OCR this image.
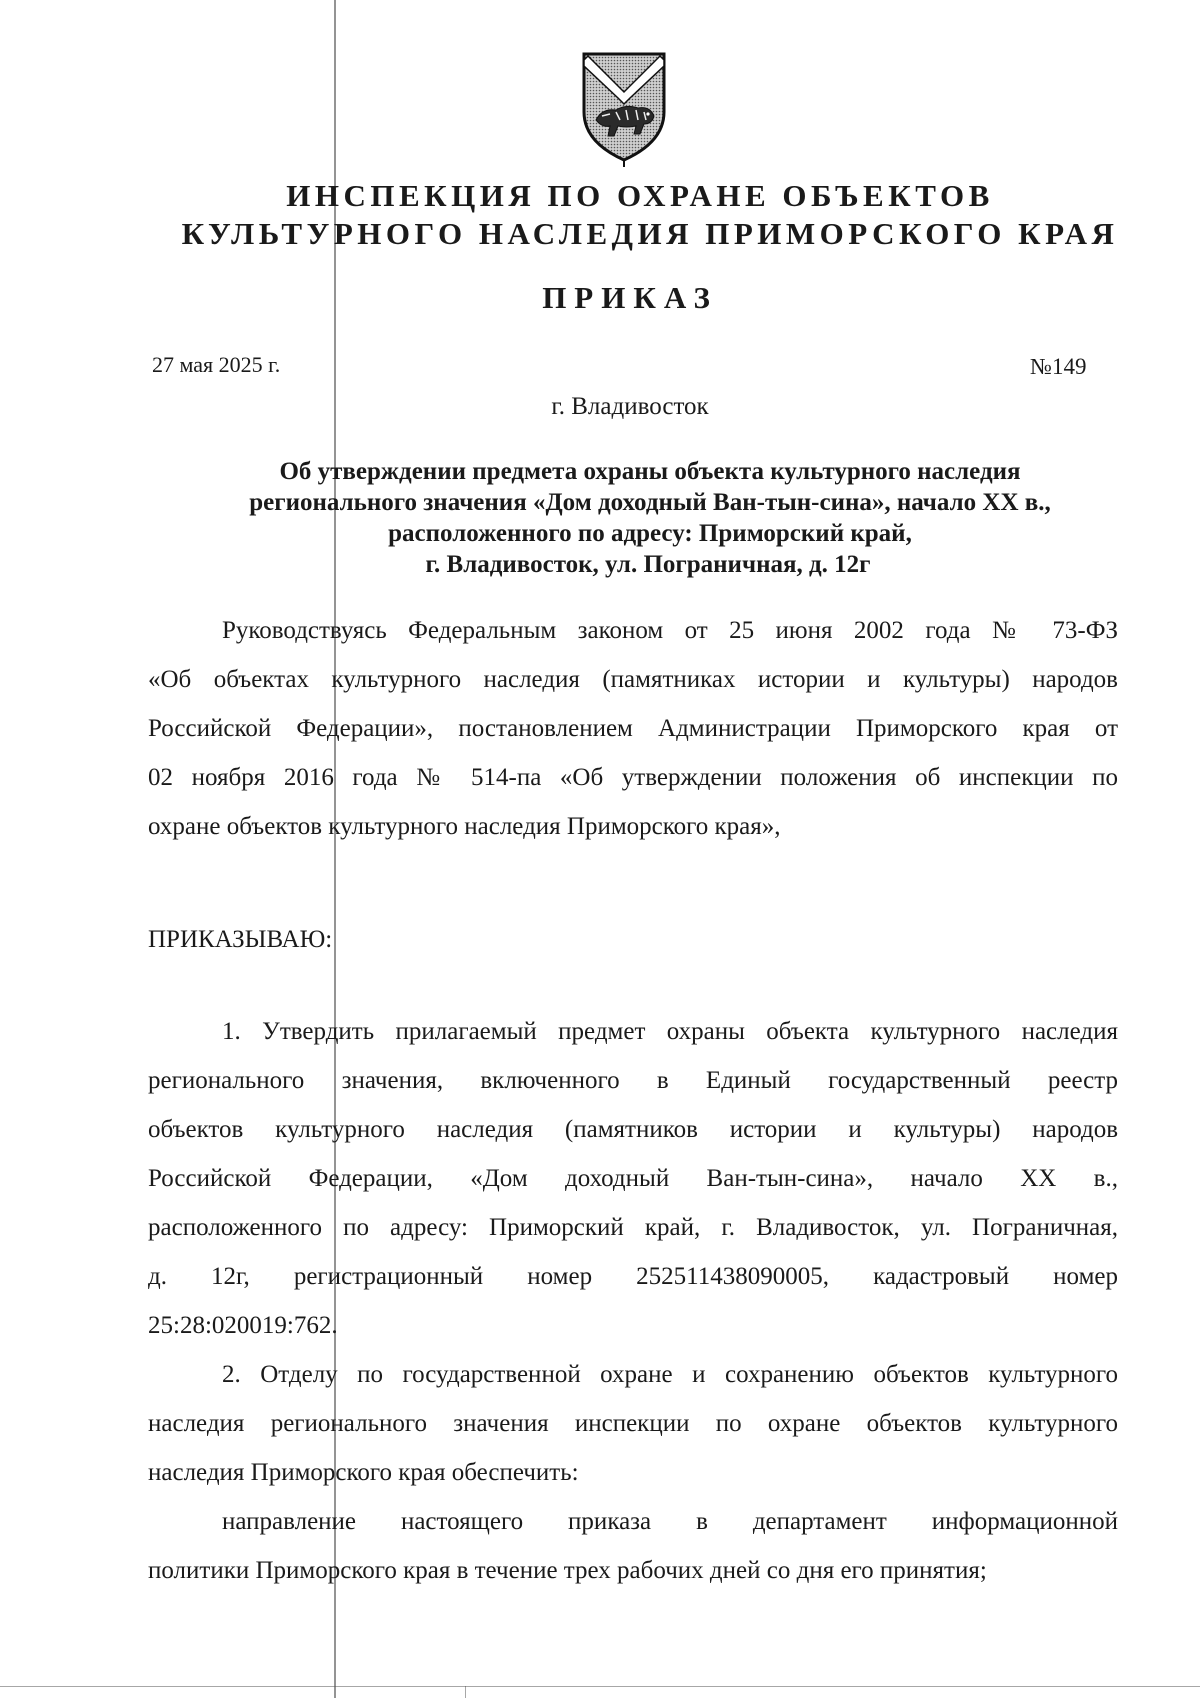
ИНСПЕКЦИЯ ПО ОХРАНЕ ОБЪЕКТОВ
КУЛЬТУРНОГО НАСЛЕДИЯ ПРИМОРСКОГО КРАЯ
ПРИКАЗ
27 мая 2025 г.	№149
г. Владивосток
Об утверждении предмета охраны объекта культурного наследия
регионального значения «Дом доходный Ван-тын-сина», начало XX в.,
расположенного по адресу: Приморский край,
г. Владивосток, ул. Пограничная, д. 12г
Руководствуясь Федеральным законом от 25 июня 2002 года № 73-ФЗ
«Об объектах культурного наследия (памятниках истории и культуры) народов
Российской Федерации», постановлением Администрации Приморского края от
02 ноября 2016 года № 514-па «Об утверждении положения об инспекции по
охране объектов культурного наследия Приморского края»,
ПРИКАЗЫВАЮ:
1. Утвердить прилагаемый предмет охраны объекта культурного наследия
регионального значения, включенного в Единый государственный реестр
объектов культурного наследия (памятников истории и культуры) народов
Российской Федерации, «Дом доходный Ван-тын-сина», начало XX в.,
расположенного по адресу: Приморский край, г. Владивосток, ул. Пограничная,
д. 12г, регистрационный номер 252511438090005, кадастровый номер
25:28:020019:762.
2. Отделу по государственной охране и сохранению объектов культурного
наследия регионального значения инспекции по охране объектов культурного
наследия Приморского края обеспечить:
направление настоящего приказа в департамент информационной
политики Приморского края в течение трех рабочих дней со дня его принятия;
